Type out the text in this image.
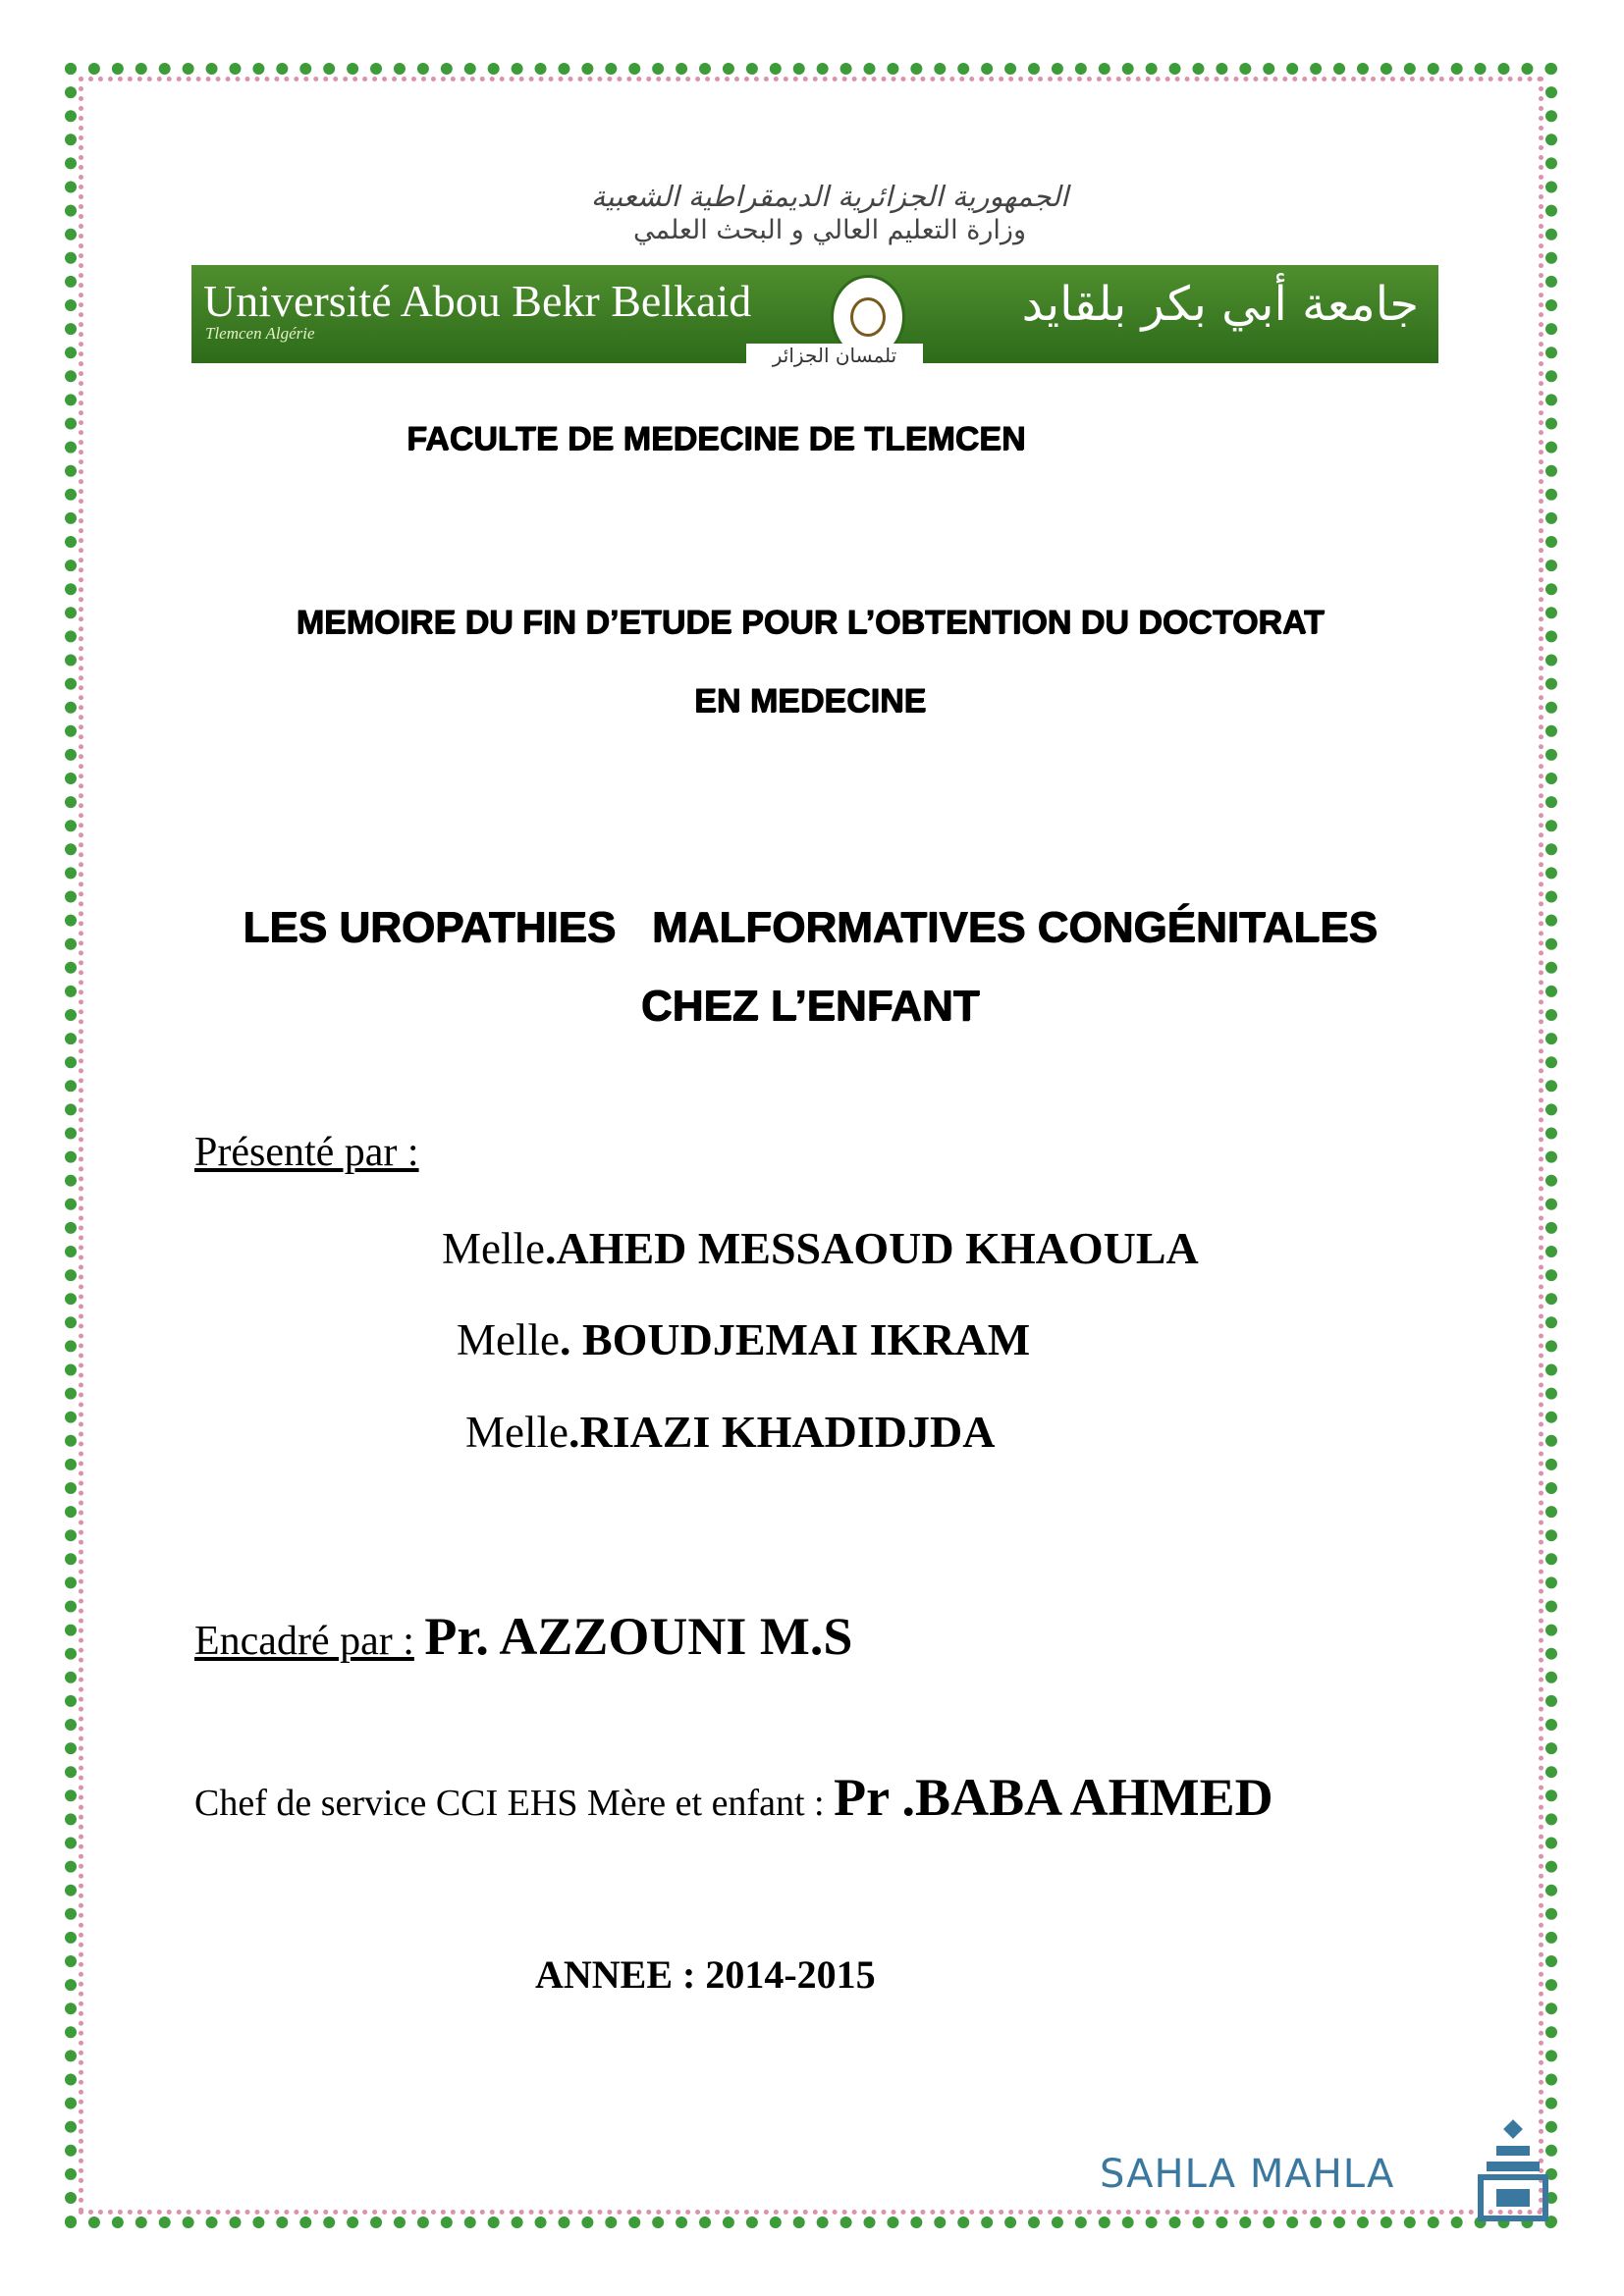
الجمهورية الجزائرية الديمقراطية الشعبية
وزارة التعليم العالي و البحث العلمي
Université Abou Bekr Belkaid
Tlemcen Algérie
جامعة أبي بكر بلقايد
تلمسان الجزائر
FACULTE DE MEDECINE DE TLEMCEN
MEMOIRE DU FIN D’ETUDE POUR L’OBTENTION DU DOCTORAT
EN MEDECINE
LES UROPATHIES   MALFORMATIVES CONGÉNITALES
CHEZ L’ENFANT
Présenté par :
Melle.AHED MESSAOUD KHAOULA
Melle. BOUDJEMAI IKRAM
Melle.RIAZI KHADIDJDA
Encadré par : Pr. AZZOUNI M.S
Chef de service CCI EHS Mère et enfant : Pr .BABA AHMED
ANNEE : 2014-2015
SAHLA MAHLA
